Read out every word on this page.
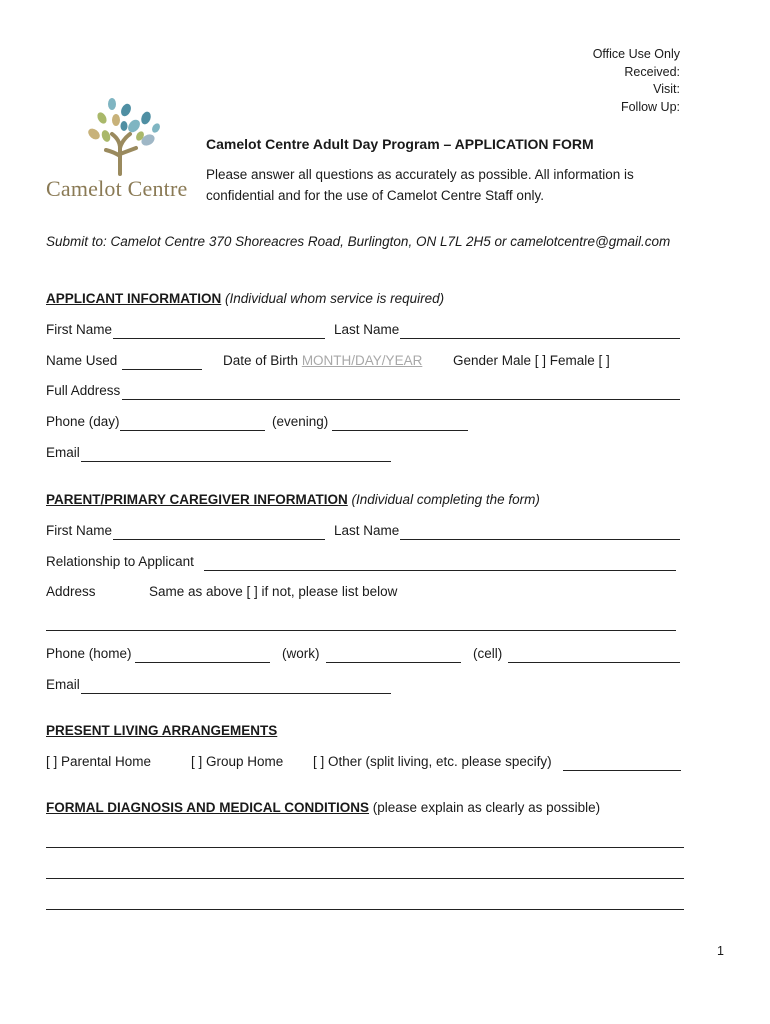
Office Use Only
Received:
Visit:
Follow Up:
Camelot Centre
Camelot Centre Adult Day Program – APPLICATION FORM
Please answer all questions as accurately as possible. All information is
confidential and for the use of Camelot Centre Staff only.
Submit to: Camelot Centre 370 Shoreacres Road, Burlington, ON L7L 2H5 or camelotcentre@gmail.com
APPLICANT INFORMATION (Individual whom service is required)
First Name	Last Name
Name Used	Date of Birth MONTH/DAY/YEAR Gender Male [ ] Female [ ]
Full Address
Phone (day)	(evening)
Email
PARENT/PRIMARY CAREGIVER INFORMATION (Individual completing the form)
First Name	Last Name
Relationship to Applicant
Address	Same as above [ ] if not, please list below
Phone (home)	(work)	(cell)
Email
PRESENT LIVING ARRANGEMENTS
[ ] Parental Home	[ ] Group Home [ ] Other (split living, etc. please specify)
FORMAL DIAGNOSIS AND MEDICAL CONDITIONS (please explain as clearly as possible)
1
